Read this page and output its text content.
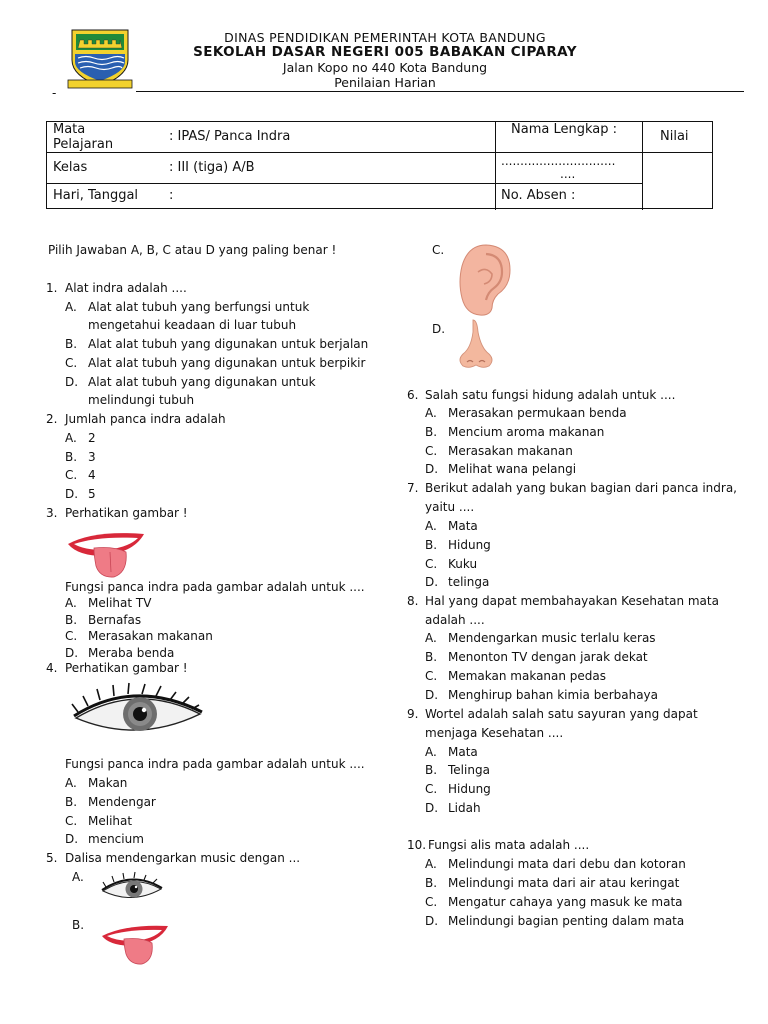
DINAS PENDIDIKAN PEMERINTAH KOTA BANDUNG
SEKOLAH DASAR NEGERI 005 BABAKAN CIPARAY
Jalan Kopo no 440 Kota Bandung
Penilaian Harian
-
Mata Pelajaran
: IPAS/ Panca Indra
Kelas	: III (tiga) A/B
Hari, Tanggal :
Nama Lengkap :
..............................
....
No. Absen :
Nilai
Pilih Jawaban A, B, C atau D yang paling benar !
1. Alat indra adalah ....
A. Alat alat tubuh yang berfungsi untuk
mengetahui keadaan di luar tubuh
B. Alat alat tubuh yang digunakan untuk berjalan
C. Alat alat tubuh yang digunakan untuk berpikir
D. Alat alat tubuh yang digunakan untuk
melindungi tubuh
2. Jumlah panca indra adalah
A. 2
B. 3
C. 4
D. 5
3. Perhatikan gambar !
Fungsi panca indra pada gambar adalah untuk ....
A. Melihat TV
B. Bernafas
C. Merasakan makanan
D. Meraba benda
4. Perhatikan gambar !
Fungsi panca indra pada gambar adalah untuk ....
A. Makan
B. Mendengar
C. Melihat
D. mencium
5. Dalisa mendengarkan music dengan ...
A.
B.
C.
D.
6. Salah satu fungsi hidung adalah untuk ....
A. Merasakan permukaan benda
B. Mencium aroma makanan
C. Merasakan makanan
D. Melihat wana pelangi
7. Berikut adalah yang bukan bagian dari panca indra,
yaitu ....
A. Mata
B. Hidung
C. Kuku
D. telinga
8. Hal yang dapat membahayakan Kesehatan mata
adalah ....
A. Mendengarkan music terlalu keras
B. Menonton TV dengan jarak dekat
C. Memakan makanan pedas
D. Menghirup bahan kimia berbahaya
9. Wortel adalah salah satu sayuran yang dapat
menjaga Kesehatan ....
A. Mata
B. Telinga
C. Hidung
D. Lidah
10. Fungsi alis mata adalah ....
A. Melindungi mata dari debu dan kotoran
B. Melindungi mata dari air atau keringat
C. Mengatur cahaya yang masuk ke mata
D. Melindungi bagian penting dalam mata
